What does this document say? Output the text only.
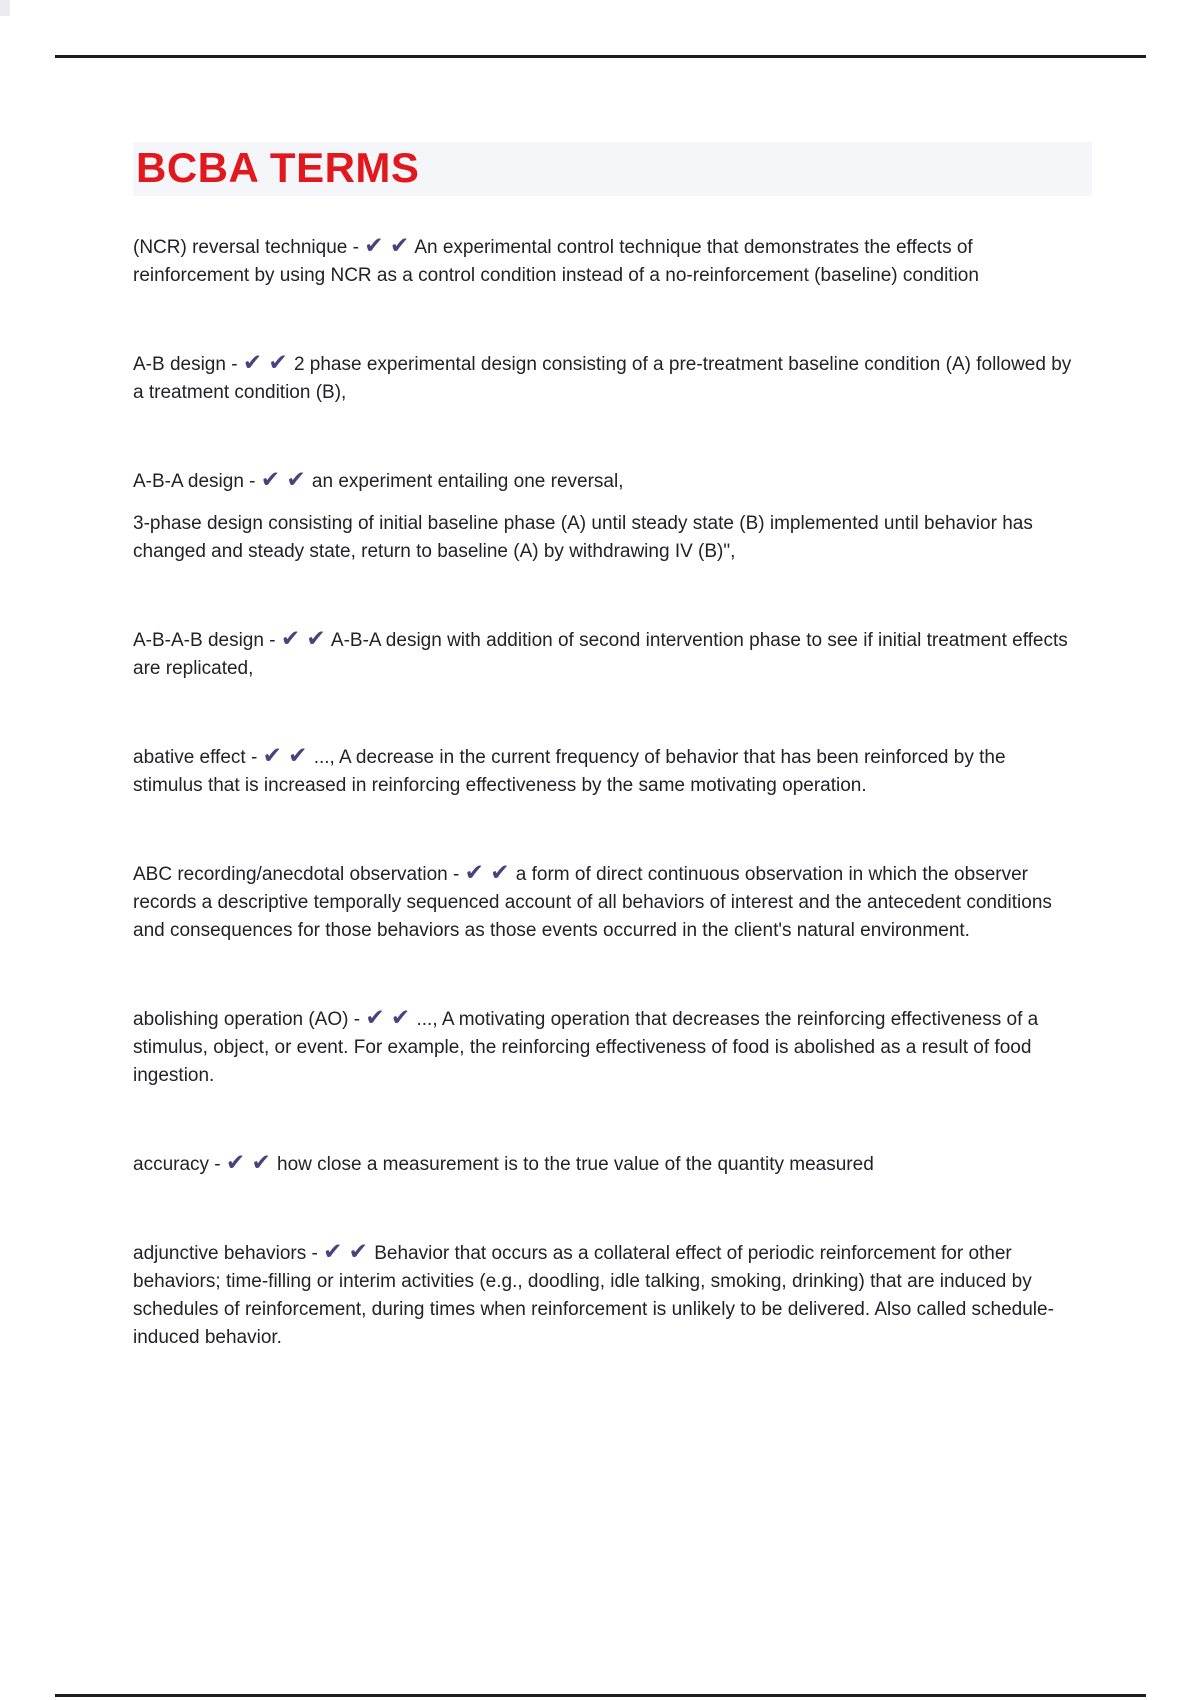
BCBA TERMS

(NCR) reversal technique - ✔ ✔ An experimental control technique that demonstrates the effects of reinforcement by using NCR as a control condition instead of a no-reinforcement (baseline) condition

A-B design - ✔ ✔ 2 phase experimental design consisting of a pre-treatment baseline condition (A) followed by a treatment condition (B),

A-B-A design - ✔ ✔ an experiment entailing one reversal,

3-phase design consisting of initial baseline phase (A) until steady state (B) implemented until behavior has changed and steady state, return to baseline (A) by withdrawing IV (B)",

A-B-A-B design - ✔ ✔ A-B-A design with addition of second intervention phase to see if initial treatment effects are replicated,

abative effect - ✔ ✔ ..., A decrease in the current frequency of behavior that has been reinforced by the stimulus that is increased in reinforcing effectiveness by the same motivating operation.

ABC recording/anecdotal observation - ✔ ✔ a form of direct continuous observation in which the observer records a descriptive temporally sequenced account of all behaviors of interest and the antecedent conditions and consequences for those behaviors as those events occurred in the client's natural environment.

abolishing operation (AO) - ✔ ✔ ..., A motivating operation that decreases the reinforcing effectiveness of a stimulus, object, or event. For example, the reinforcing effectiveness of food is abolished as a result of food ingestion.

accuracy - ✔ ✔ how close a measurement is to the true value of the quantity measured

adjunctive behaviors - ✔ ✔ Behavior that occurs as a collateral effect of periodic reinforcement for other behaviors; time-filling or interim activities (e.g., doodling, idle talking, smoking, drinking) that are induced by schedules of reinforcement, during times when reinforcement is unlikely to be delivered. Also called schedule-induced behavior.
